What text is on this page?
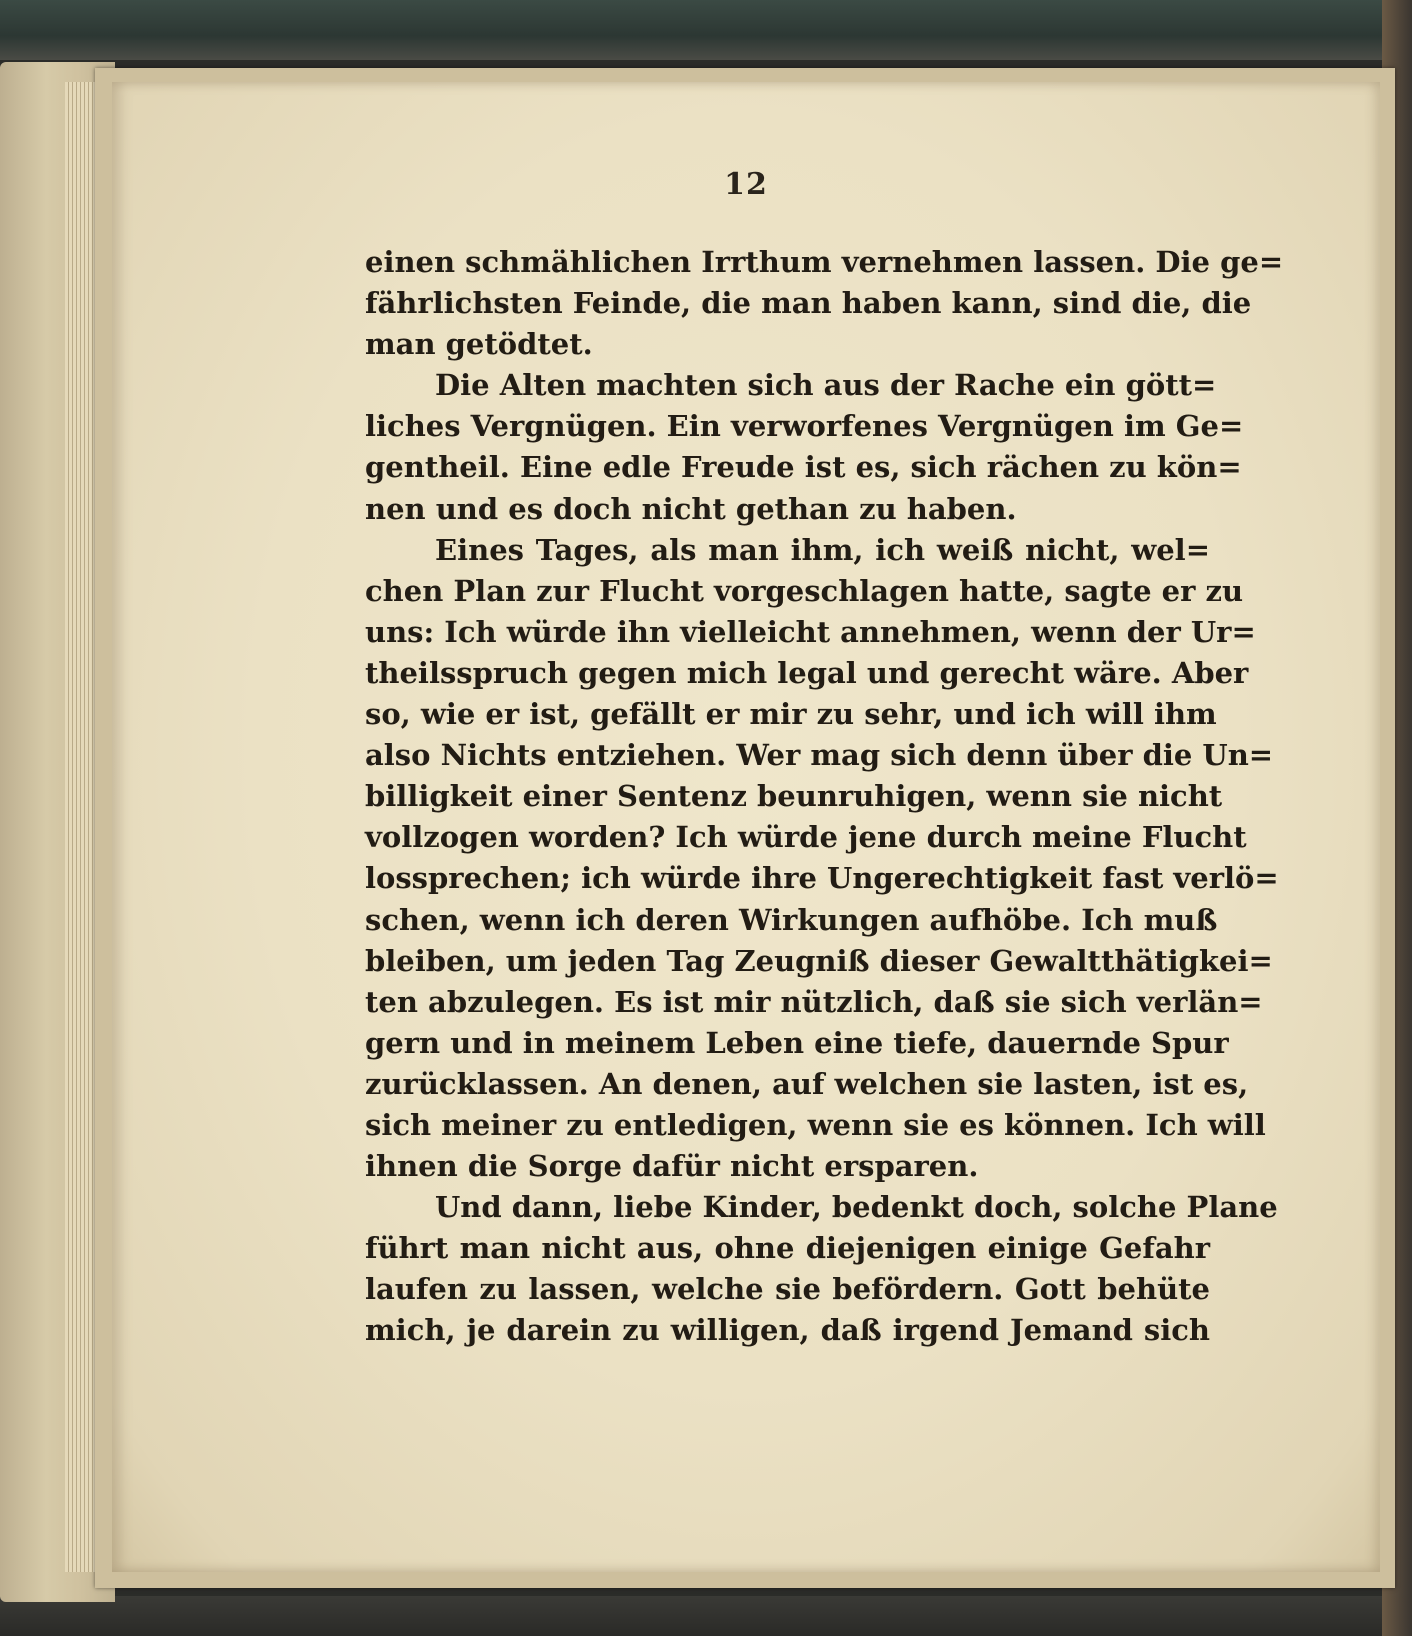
12
einen schmählichen Irrthum vernehmen lassen. Die ge=
fährlichsten Feinde, die man haben kann, sind die, die
man getödtet.
Die Alten machten sich aus der Rache ein gött=
liches Vergnügen. Ein verworfenes Vergnügen im Ge=
gentheil. Eine edle Freude ist es, sich rächen zu kön=
nen und es doch nicht gethan zu haben.
Eines Tages, als man ihm, ich weiß nicht, wel=
chen Plan zur Flucht vorgeschlagen hatte, sagte er zu
uns: Ich würde ihn vielleicht annehmen, wenn der Ur=
theilsspruch gegen mich legal und gerecht wäre. Aber
so, wie er ist, gefällt er mir zu sehr, und ich will ihm
also Nichts entziehen. Wer mag sich denn über die Un=
billigkeit einer Sentenz beunruhigen, wenn sie nicht
vollzogen worden? Ich würde jene durch meine Flucht
lossprechen; ich würde ihre Ungerechtigkeit fast verlö=
schen, wenn ich deren Wirkungen aufhöbe. Ich muß
bleiben, um jeden Tag Zeugniß dieser Gewaltthätigkei=
ten abzulegen. Es ist mir nützlich, daß sie sich verlän=
gern und in meinem Leben eine tiefe, dauernde Spur
zurücklassen. An denen, auf welchen sie lasten, ist es,
sich meiner zu entledigen, wenn sie es können. Ich will
ihnen die Sorge dafür nicht ersparen.
Und dann, liebe Kinder, bedenkt doch, solche Plane
führt man nicht aus, ohne diejenigen einige Gefahr
laufen zu lassen, welche sie befördern. Gott behüte
mich, je darein zu willigen, daß irgend Jemand sich
